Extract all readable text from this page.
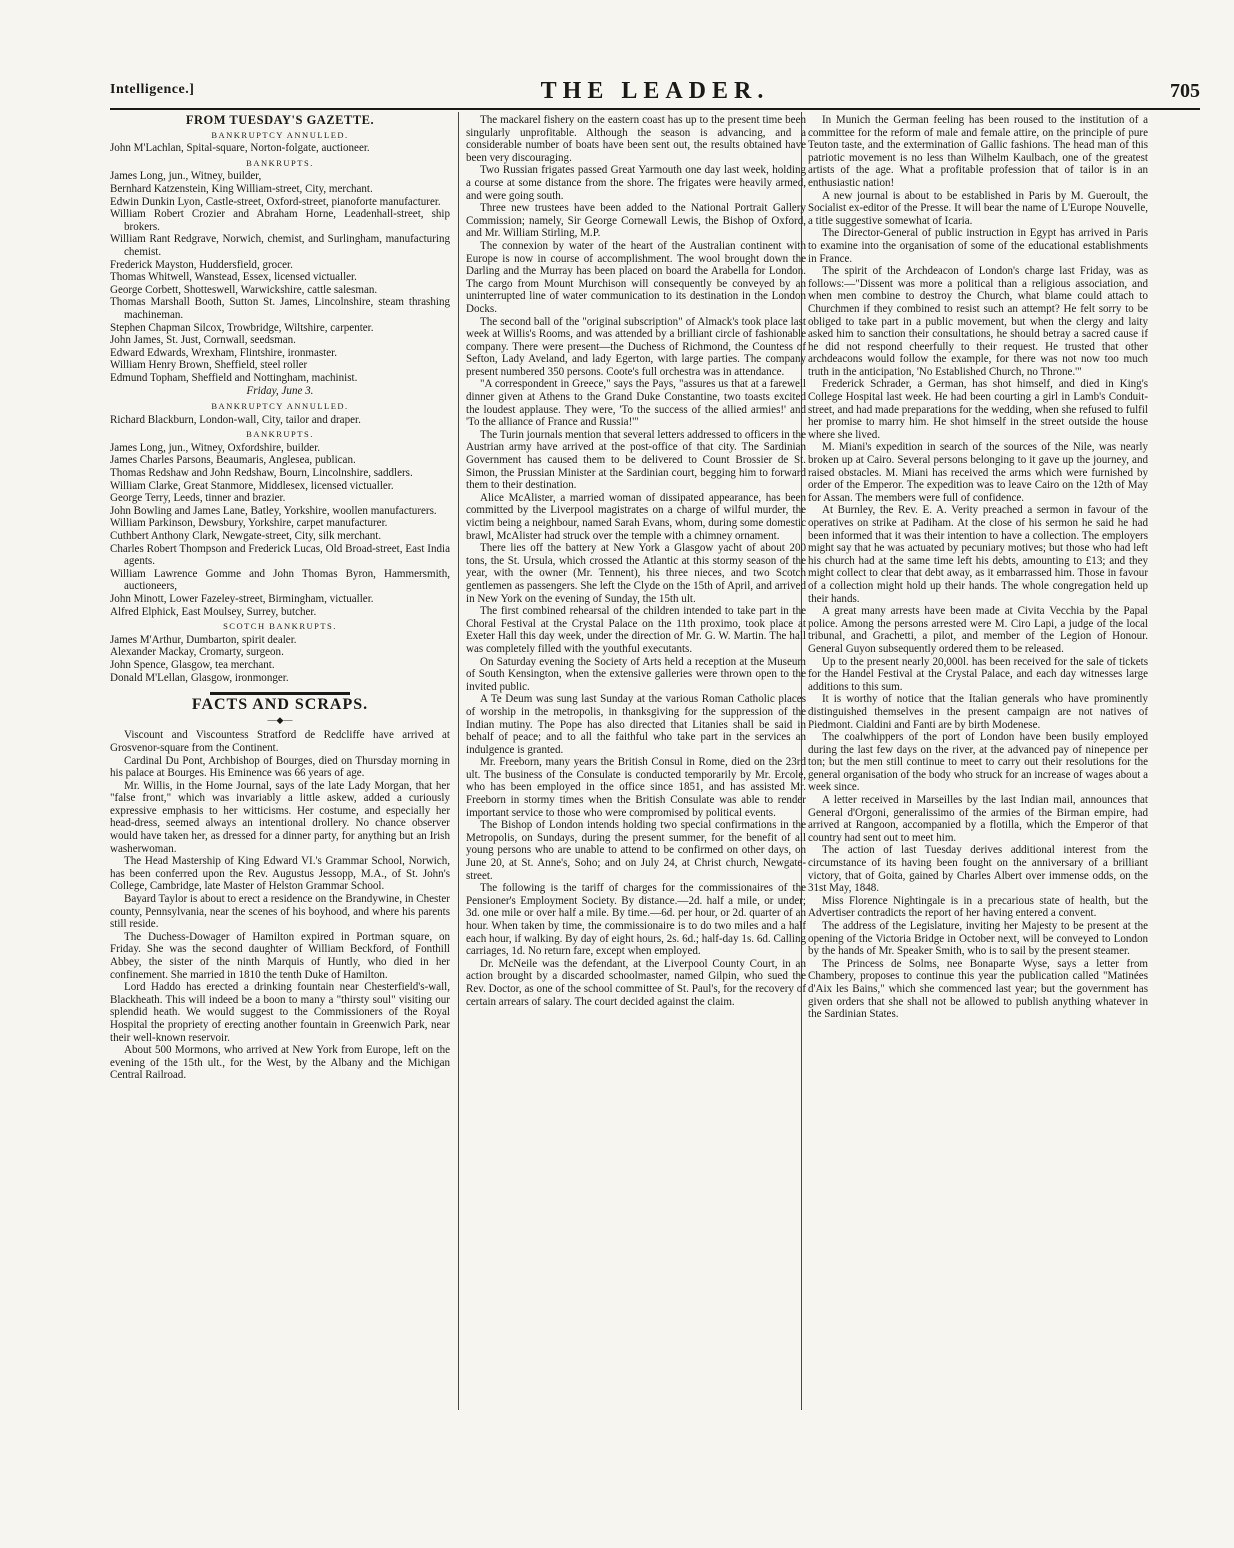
Intelligence.]	THE LEADER.	705
FROM TUESDAY'S GAZETTE.
BANKRUPTCY ANNULLED.

John M'Lachlan, Spital-square, Norton-folgate, auctioneer.

BANKRUPTS.

James Long, jun., Witney, builder,

Bernhard Katzenstein, King William-street, City, merchant.

Edwin Dunkin Lyon, Castle-street, Oxford-street, pianoforte manufacturer.

William Robert Crozier and Abraham Horne, Leadenhall-street, ship brokers.

William Rant Redgrave, Norwich, chemist, and Surlingham, manufacturing chemist.

Frederick Mayston, Huddersfield, grocer.

Thomas Whitwell, Wanstead, Essex, licensed victualler.

George Corbett, Shotteswell, Warwickshire, cattle salesman.

Thomas Marshall Booth, Sutton St. James, Lincolnshire, steam thrashing machineman.

Stephen Chapman Silcox, Trowbridge, Wiltshire, carpenter.

John James, St. Just, Cornwall, seedsman.

Edward Edwards, Wrexham, Flintshire, ironmaster.

William Henry Brown, Sheffield, steel roller

Edmund Topham, Sheffield and Nottingham, machinist.

Friday, June 3.
BANKRUPTCY ANNULLED.

Richard Blackburn, London-wall, City, tailor and draper.

BANKRUPTS.

James Long, jun., Witney, Oxfordshire, builder.

James Charles Parsons, Beaumaris, Anglesea, publican.

Thomas Redshaw and John Redshaw, Bourn, Lincolnshire, saddlers.

William Clarke, Great Stanmore, Middlesex, licensed victualler.

George Terry, Leeds, tinner and brazier.

John Bowling and James Lane, Batley, Yorkshire, woollen manufacturers.

William Parkinson, Dewsbury, Yorkshire, carpet manufacturer.

Cuthbert Anthony Clark, Newgate-street, City, silk merchant.

Charles Robert Thompson and Frederick Lucas, Old Broad-street, East India agents.

William Lawrence Gomme and John Thomas Byron, Hammersmith, auctioneers,

John Minott, Lower Fazeley-street, Birmingham, victualler.

Alfred Elphick, East Moulsey, Surrey, butcher.

SCOTCH BANKRUPTS.

James M'Arthur, Dumbarton, spirit dealer.

Alexander Mackay, Cromarty, surgeon.

John Spence, Glasgow, tea merchant.

Donald M'Lellan, Glasgow, ironmonger.

FACTS AND SCRAPS.
—◆—

Viscount and Viscountess Stratford de Redcliffe have arrived at Grosvenor-square from the Continent.

Cardinal Du Pont, Archbishop of Bourges, died on Thursday morning in his palace at Bourges. His Eminence was 66 years of age.

Mr. Willis, in the Home Journal, says of the late Lady Morgan, that her "false front," which was invariably a little askew, added a curiously expressive emphasis to her witticisms. Her costume, and especially her head-dress, seemed always an intentional drollery. No chance observer would have taken her, as dressed for a dinner party, for anything but an Irish washerwoman.

The Head Mastership of King Edward VI.'s Grammar School, Norwich, has been conferred upon the Rev. Augustus Jessopp, M.A., of St. John's College, Cambridge, late Master of Helston Grammar School.

Bayard Taylor is about to erect a residence on the Brandywine, in Chester county, Pennsylvania, near the scenes of his boyhood, and where his parents still reside.

The Duchess-Dowager of Hamilton expired in Portman square, on Friday. She was the second daughter of William Beckford, of Fonthill Abbey, the sister of the ninth Marquis of Huntly, who died in her confinement. She married in 1810 the tenth Duke of Hamilton.

Lord Haddo has erected a drinking fountain near Chesterfield's-wall, Blackheath. This will indeed be a boon to many a "thirsty soul" visiting our splendid heath. We would suggest to the Commissioners of the Royal Hospital the propriety of erecting another fountain in Greenwich Park, near their well-known reservoir.

About 500 Mormons, who arrived at New York from Europe, left on the evening of the 15th ult., for the West, by the Albany and the Michigan Central Railroad.

The mackarel fishery on the eastern coast has up to the present time been singularly unprofitable. Although the season is advancing, and a considerable number of boats have been sent out, the results obtained have been very discouraging.

Two Russian frigates passed Great Yarmouth one day last week, holding a course at some distance from the shore. The frigates were heavily armed, and were going south.

Three new trustees have been added to the National Portrait Gallery Commission; namely, Sir George Cornewall Lewis, the Bishop of Oxford, and Mr. William Stirling, M.P.

The connexion by water of the heart of the Australian continent with Europe is now in course of accomplishment. The wool brought down the Darling and the Murray has been placed on board the Arabella for London. The cargo from Mount Murchison will consequently be conveyed by an uninterrupted line of water communication to its destination in the London Docks.

The second ball of the "original subscription" of Almack's took place last week at Willis's Rooms, and was attended by a brilliant circle of fashionable company. There were present—the Duchess of Richmond, the Countess of Sefton, Lady Aveland, and lady Egerton, with large parties. The company present numbered 350 persons. Coote's full orchestra was in attendance.

"A correspondent in Greece," says the Pays, "assures us that at a farewell dinner given at Athens to the Grand Duke Constantine, two toasts excited the loudest applause. They were, 'To the success of the allied armies!' and 'To the alliance of France and Russia!'"

The Turin journals mention that several letters addressed to officers in the Austrian army have arrived at the post-office of that city. The Sardinian Government has caused them to be delivered to Count Brossier de St. Simon, the Prussian Minister at the Sardinian court, begging him to forward them to their destination.

Alice McAlister, a married woman of dissipated appearance, has been committed by the Liverpool magistrates on a charge of wilful murder, the victim being a neighbour, named Sarah Evans, whom, during some domestic brawl, McAlister had struck over the temple with a chimney ornament.

There lies off the battery at New York a Glasgow yacht of about 200 tons, the St. Ursula, which crossed the Atlantic at this stormy season of the year, with the owner (Mr. Tennent), his three nieces, and two Scotch gentlemen as passengers. She left the Clyde on the 15th of April, and arrived in New York on the evening of Sunday, the 15th ult.

The first combined rehearsal of the children intended to take part in the Choral Festival at the Crystal Palace on the 11th proximo, took place at Exeter Hall this day week, under the direction of Mr. G. W. Martin. The hall was completely filled with the youthful executants.

On Saturday evening the Society of Arts held a reception at the Museum of South Kensington, when the extensive galleries were thrown open to the invited public.

A Te Deum was sung last Sunday at the various Roman Catholic places of worship in the metropolis, in thanksgiving for the suppression of the Indian mutiny. The Pope has also directed that Litanies shall be said in behalf of peace; and to all the faithful who take part in the services an indulgence is granted.

Mr. Freeborn, many years the British Consul in Rome, died on the 23rd ult. The business of the Consulate is conducted temporarily by Mr. Ercole, who has been employed in the office since 1851, and has assisted Mr. Freeborn in stormy times when the British Consulate was able to render important service to those who were compromised by political events.

The Bishop of London intends holding two special confirmations in the Metropolis, on Sundays, during the present summer, for the benefit of all young persons who are unable to attend to be confirmed on other days, on June 20, at St. Anne's, Soho; and on July 24, at Christ church, Newgate-street.

The following is the tariff of charges for the commissionaires of the Pensioner's Employment Society. By distance.—2d. half a mile, or under; 3d. one mile or over half a mile. By time.—6d. per hour, or 2d. quarter of an hour. When taken by time, the commissionaire is to do two miles and a half each hour, if walking. By day of eight hours, 2s. 6d.; half-day 1s. 6d. Calling carriages, 1d. No return fare, except when employed.

Dr. McNeile was the defendant, at the Liverpool County Court, in an action brought by a discarded schoolmaster, named Gilpin, who sued the Rev. Doctor, as one of the school committee of St. Paul's, for the recovery of certain arrears of salary. The court decided against the claim.

In Munich the German feeling has been roused to the institution of a committee for the reform of male and female attire, on the principle of pure Teuton taste, and the extermination of Gallic fashions. The head man of this patriotic movement is no less than Wilhelm Kaulbach, one of the greatest artists of the age. What a profitable profession that of tailor is in an enthusiastic nation!

A new journal is about to be established in Paris by M. Gueroult, the Socialist ex-editor of the Presse. It will bear the name of L'Europe Nouvelle, a title suggestive somewhat of Icaria.

The Director-General of public instruction in Egypt has arrived in Paris to examine into the organisation of some of the educational establishments in France.

The spirit of the Archdeacon of London's charge last Friday, was as follows:—"Dissent was more a political than a religious association, and when men combine to destroy the Church, what blame could attach to Churchmen if they combined to resist such an attempt? He felt sorry to be obliged to take part in a public movement, but when the clergy and laity asked him to sanction their consultations, he should betray a sacred cause if he did not respond cheerfully to their request. He trusted that other archdeacons would follow the example, for there was not now too much truth in the anticipation, 'No Established Church, no Throne.'"

Frederick Schrader, a German, has shot himself, and died in King's College Hospital last week. He had been courting a girl in Lamb's Conduit-street, and had made preparations for the wedding, when she refused to fulfil her promise to marry him. He shot himself in the street outside the house where she lived.

M. Miani's expedition in search of the sources of the Nile, was nearly broken up at Cairo. Several persons belonging to it gave up the journey, and raised obstacles. M. Miani has received the arms which were furnished by order of the Emperor. The expedition was to leave Cairo on the 12th of May for Assan. The members were full of confidence.

At Burnley, the Rev. E. A. Verity preached a sermon in favour of the operatives on strike at Padiham. At the close of his sermon he said he had been informed that it was their intention to have a collection. The employers might say that he was actuated by pecuniary motives; but those who had left his church had at the same time left his debts, amounting to £13; and they might collect to clear that debt away, as it embarrassed him. Those in favour of a collection might hold up their hands. The whole congregation held up their hands.

A great many arrests have been made at Civita Vecchia by the Papal police. Among the persons arrested were M. Ciro Lapi, a judge of the local tribunal, and Grachetti, a pilot, and member of the Legion of Honour. General Guyon subsequently ordered them to be released.

Up to the present nearly 20,000l. has been received for the sale of tickets for the Handel Festival at the Crystal Palace, and each day witnesses large additions to this sum.

It is worthy of notice that the Italian generals who have prominently distinguished themselves in the present campaign are not natives of Piedmont. Cialdini and Fanti are by birth Modenese.

The coalwhippers of the port of London have been busily employed during the last few days on the river, at the advanced pay of ninepence per ton; but the men still continue to meet to carry out their resolutions for the general organisation of the body who struck for an increase of wages about a week since.

A letter received in Marseilles by the last Indian mail, announces that General d'Orgoni, generalissimo of the armies of the Birman empire, had arrived at Rangoon, accompanied by a flotilla, which the Emperor of that country had sent out to meet him.

The action of last Tuesday derives additional interest from the circumstance of its having been fought on the anniversary of a brilliant victory, that of Goita, gained by Charles Albert over immense odds, on the 31st May, 1848.

Miss Florence Nightingale is in a precarious state of health, but the Advertiser contradicts the report of her having entered a convent.

The address of the Legislature, inviting her Majesty to be present at the opening of the Victoria Bridge in October next, will be conveyed to London by the hands of Mr. Speaker Smith, who is to sail by the present steamer.

The Princess de Solms, nee Bonaparte Wyse, says a letter from Chambery, proposes to continue this year the publication called "Matinées d'Aix les Bains," which she commenced last year; but the government has given orders that she shall not be allowed to publish anything whatever in the Sardinian States.
